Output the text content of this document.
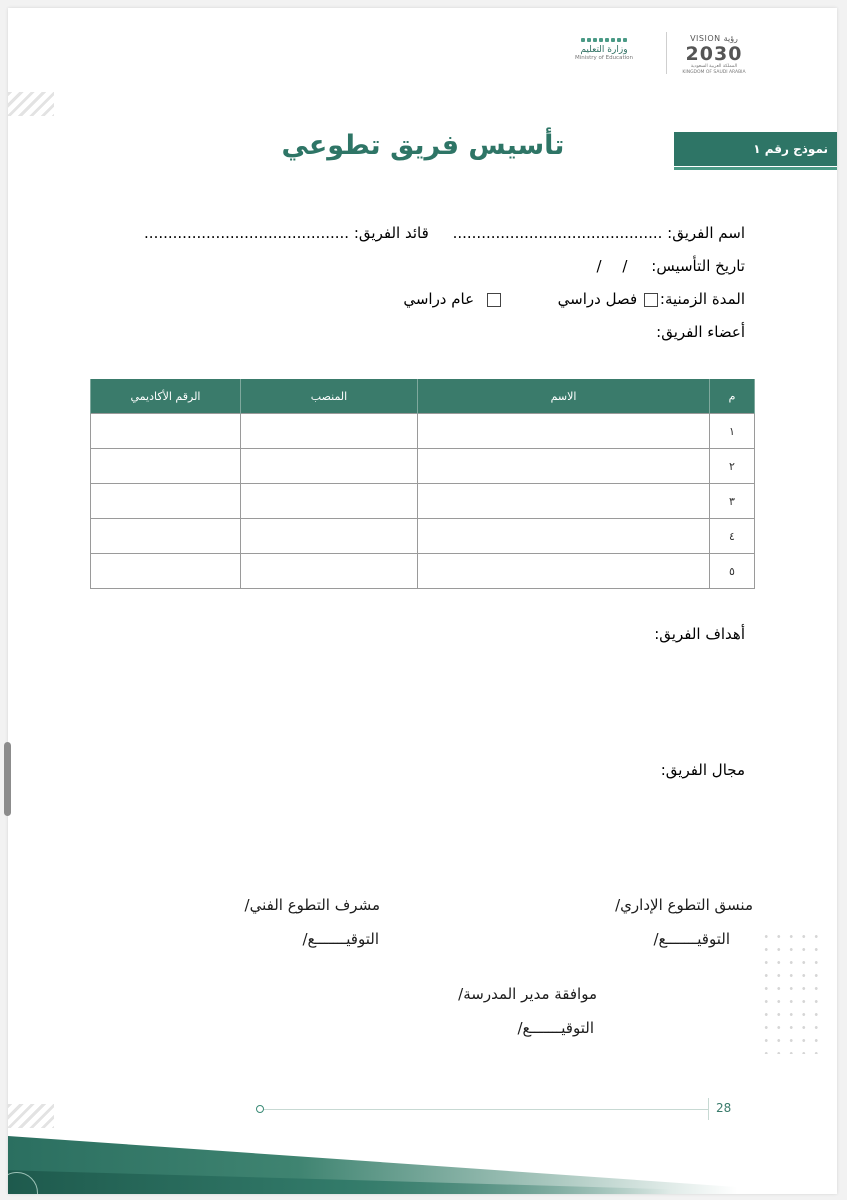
وزارة التعليم
Ministry of Education
VISION رؤية
2030
المملكة العربية السعودية KINGDOM OF SAUDI ARABIA
تأسيس فريق تطوعي	نموذج رقم ١
اسم الفريق: ............................................     قائد الفريق: ...........................................
تاريخ التأسيس:     / /
المدة الزمنية: فصل دراسي  عام دراسي
أعضاء الفريق:
م	الاسم	المنصب	الرقم الأكاديمي
١			
٢			
٣			
٤			
٥			
أهداف الفريق:
مجال الفريق:
منسق التطوع الإداري/
مشرف التطوع الفني/
التوقيـــــــع/
التوقيـــــــع/
موافقة مدير المدرسة/
التوقيـــــــع/
28
